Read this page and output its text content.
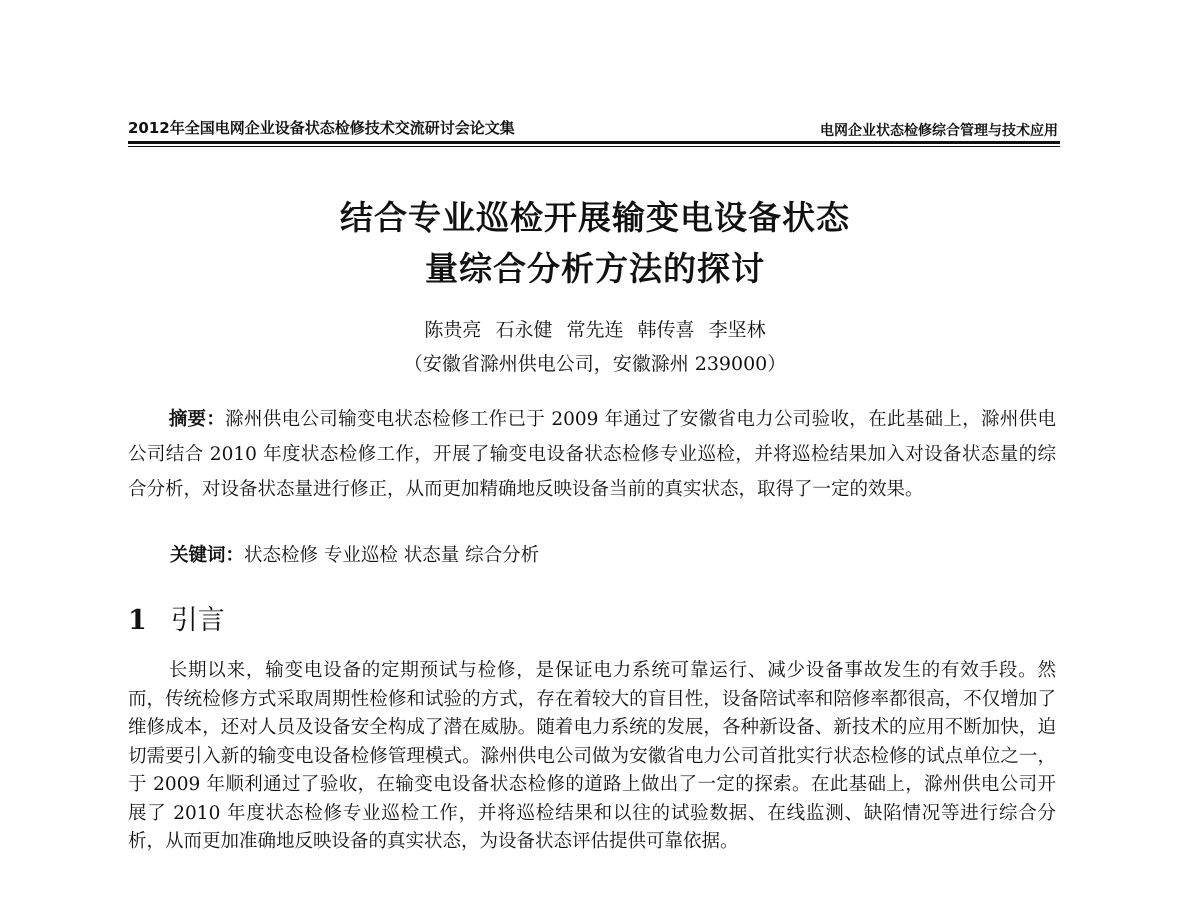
2012年全国电网企业设备状态检修技术交流研讨会论文集	电网企业状态检修综合管理与技术应用
结合专业巡检开展输变电设备状态
量综合分析方法的探讨
陈贵亮 石永健 常先连 韩传喜 李坚林
（安徽省滁州供电公司，安徽滁州 239000）
摘要：滁州供电公司输变电状态检修工作已于 2009 年通过了安徽省电力公司验收，在此基础上，滁州供电公司结合 2010 年度状态检修工作，开展了输变电设备状态检修专业巡检，并将巡检结果加入对设备状态量的综合分析，对设备状态量进行修正，从而更加精确地反映设备当前的真实状态，取得了一定的效果。
关键词：状态检修 专业巡检 状态量 综合分析
1 引言
长期以来，输变电设备的定期预试与检修，是保证电力系统可靠运行、减少设备事故发生的有效手段。然而，传统检修方式采取周期性检修和试验的方式，存在着较大的盲目性，设备陪试率和陪修率都很高，不仅增加了维修成本，还对人员及设备安全构成了潜在威胁。随着电力系统的发展，各种新设备、新技术的应用不断加快，迫切需要引入新的输变电设备检修管理模式。滁州供电公司做为安徽省电力公司首批实行状态检修的试点单位之一，于 2009 年顺利通过了验收，在输变电设备状态检修的道路上做出了一定的探索。在此基础上，滁州供电公司开展了 2010 年度状态检修专业巡检工作，并将巡检结果和以往的试验数据、在线监测、缺陷情况等进行综合分析，从而更加准确地反映设备的真实状态，为设备状态评估提供可靠依据。
